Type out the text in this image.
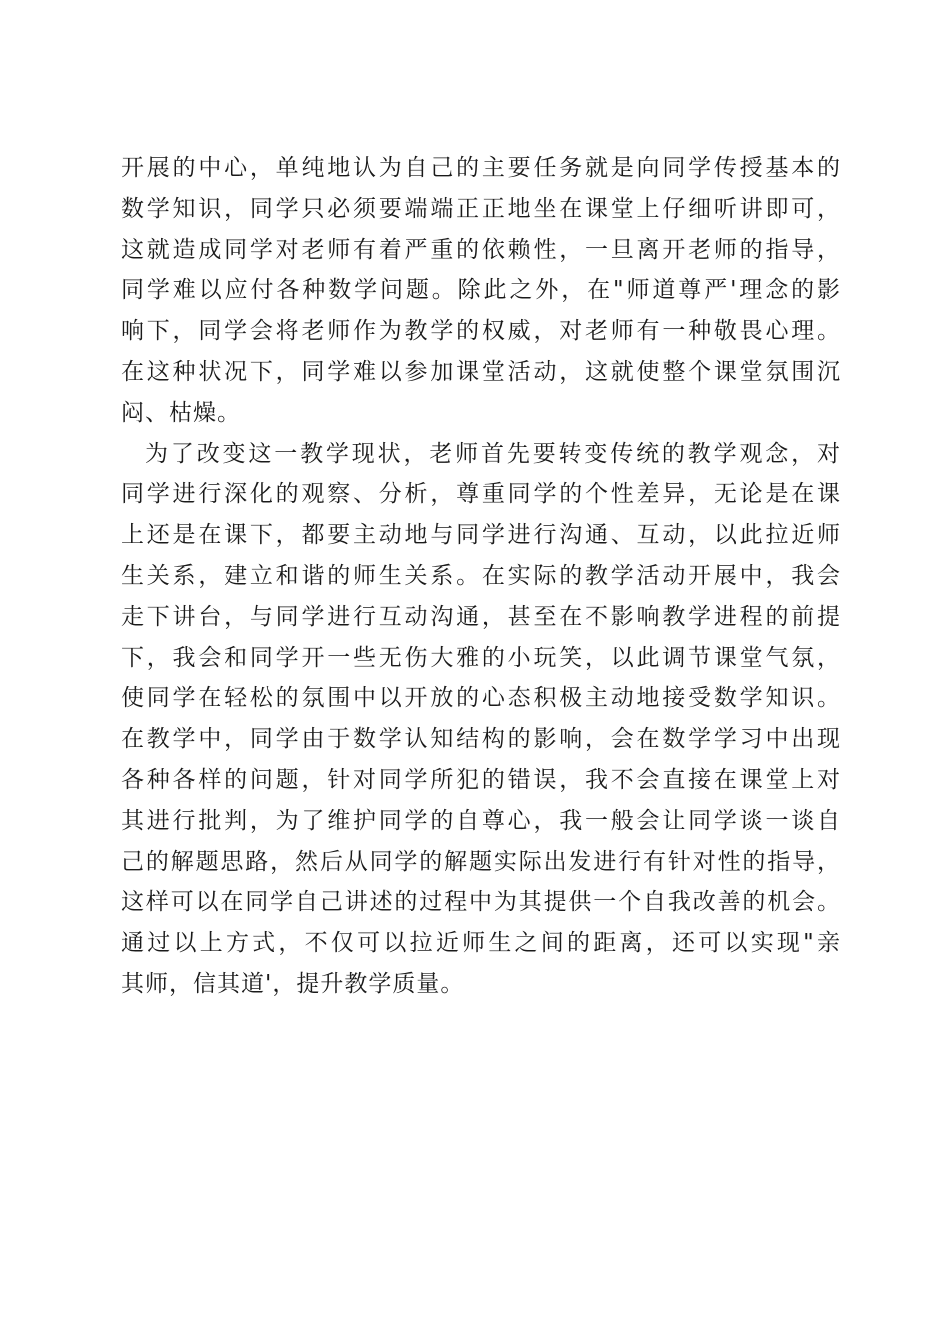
开展的中心，单纯地认为自己的主要任务就是向同学传授基本的
数学知识，同学只必须要端端正正地坐在课堂上仔细听讲即可，
这就造成同学对老师有着严重的依赖性，一旦离开老师的指导，
同学难以应付各种数学问题。除此之外，在"师道尊严'理念的影
响下，同学会将老师作为教学的权威，对老师有一种敬畏心理。
在这种状况下，同学难以参加课堂活动，这就使整个课堂氛围沉
闷、枯燥。
为了改变这一教学现状，老师首先要转变传统的教学观念，对
同学进行深化的观察、分析，尊重同学的个性差异，无论是在课
上还是在课下，都要主动地与同学进行沟通、互动，以此拉近师
生关系，建立和谐的师生关系。在实际的教学活动开展中，我会
走下讲台，与同学进行互动沟通，甚至在不影响教学进程的前提
下，我会和同学开一些无伤大雅的小玩笑，以此调节课堂气氛，
使同学在轻松的氛围中以开放的心态积极主动地接受数学知识。
在教学中，同学由于数学认知结构的影响，会在数学学习中出现
各种各样的问题，针对同学所犯的错误，我不会直接在课堂上对
其进行批判，为了维护同学的自尊心，我一般会让同学谈一谈自
己的解题思路，然后从同学的解题实际出发进行有针对性的指导，
这样可以在同学自己讲述的过程中为其提供一个自我改善的机会。
通过以上方式，不仅可以拉近师生之间的距离，还可以实现"亲
其师，信其道'，提升教学质量。
